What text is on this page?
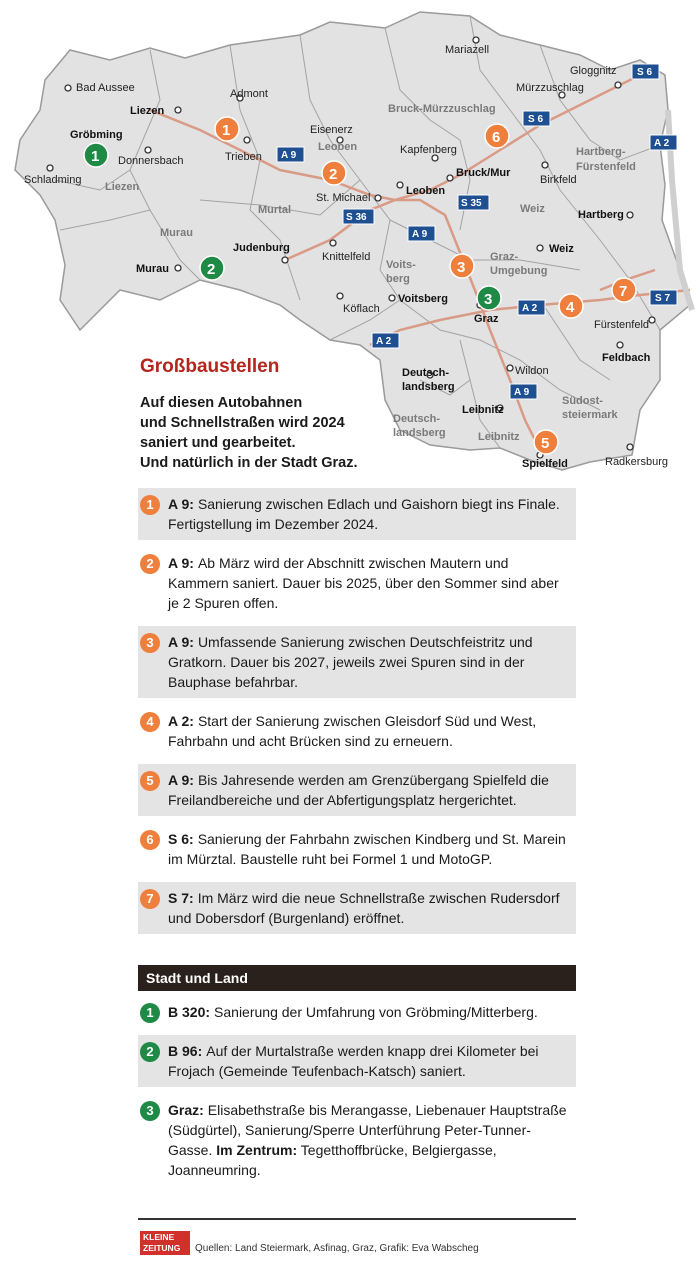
Bruck-Mürzzuschlag
Leoben
Liezen
Hartberg-
Fürstenfeld
Murtal	Weiz
Murau
Voits-
berg
Graz-
Umgebung
Südost-
steiermark
Deutsch-
landsberg	Leibnitz
Mariazell
Gloggnitz
Bad Aussee	Admont	Mürzzuschlag
Liezen
Gröbming	Eisenerz
Trieben
Donnersbach
Schladming
Kapfenberg
Bruck/Mur
Leoben
St. Michael
Birkfeld
Hartberg
Judenburg
Knittelfeld
Weiz
Murau
Köflach
Voitsberg
Graz	Fürstenfeld
Feldbach
Deutsch-
landsberg
Wildon
Leibnitz
Spielfeld	Radkersburg
S 6
S 6
A 2
A 9
S 36
S 35
A 9
A 2
S 7
A 2
A 9
1
2
3
4
5
6
7
1
2
3
Großbaustellen

Auf diesen Autobahnen
und Schnellstraßen wird 2024
saniert und gearbeitet.
Und natürlich in der Stadt Graz.

1	A 9: Sanierung zwischen Edlach und Gaishorn biegt ins Finale. Fertigstellung im Dezember 2024.
2	A 9: Ab März wird der Abschnitt zwischen Mautern und Kammern saniert. Dauer bis 2025, über den Sommer sind aber je 2 Spuren offen.
3	A 9: Umfassende Sanierung zwischen Deutschfeistritz und Gratkorn. Dauer bis 2027, jeweils zwei Spuren sind in der Bauphase befahrbar.
4	A 2: Start der Sanierung zwischen Gleisdorf Süd und West, Fahrbahn und acht Brücken sind zu erneuern.
5	A 9: Bis Jahresende werden am Grenzübergang Spielfeld die Freilandbereiche und der Abfertigungsplatz hergerichtet.
6	S 6: Sanierung der Fahrbahn zwischen Kindberg und St. Marein im Mürztal. Baustelle ruht bei Formel 1 und MotoGP.
7	S 7: Im März wird die neue Schnellstraße zwischen Rudersdorf und Dobersdorf (Burgenland) eröffnet.
Stadt und Land
1	B 320: Sanierung der Umfahrung von Gröbming/Mitterberg.
2	B 96: Auf der Murtalstraße werden knapp drei Kilometer bei Frojach (Gemeinde Teufenbach-Katsch) saniert.
3	Graz: Elisabethstraße bis Merangasse, Liebenauer Hauptstraße (Südgürtel), Sanierung/Sperre Unterführung Peter-Tunner-Gasse. Im Zentrum: Tegetthoffbrücke, Belgiergasse, Joanneumring.
KLEINE
ZEITUNG	Quellen: Land Steiermark, Asfinag, Graz, Grafik: Eva Wabscheg
